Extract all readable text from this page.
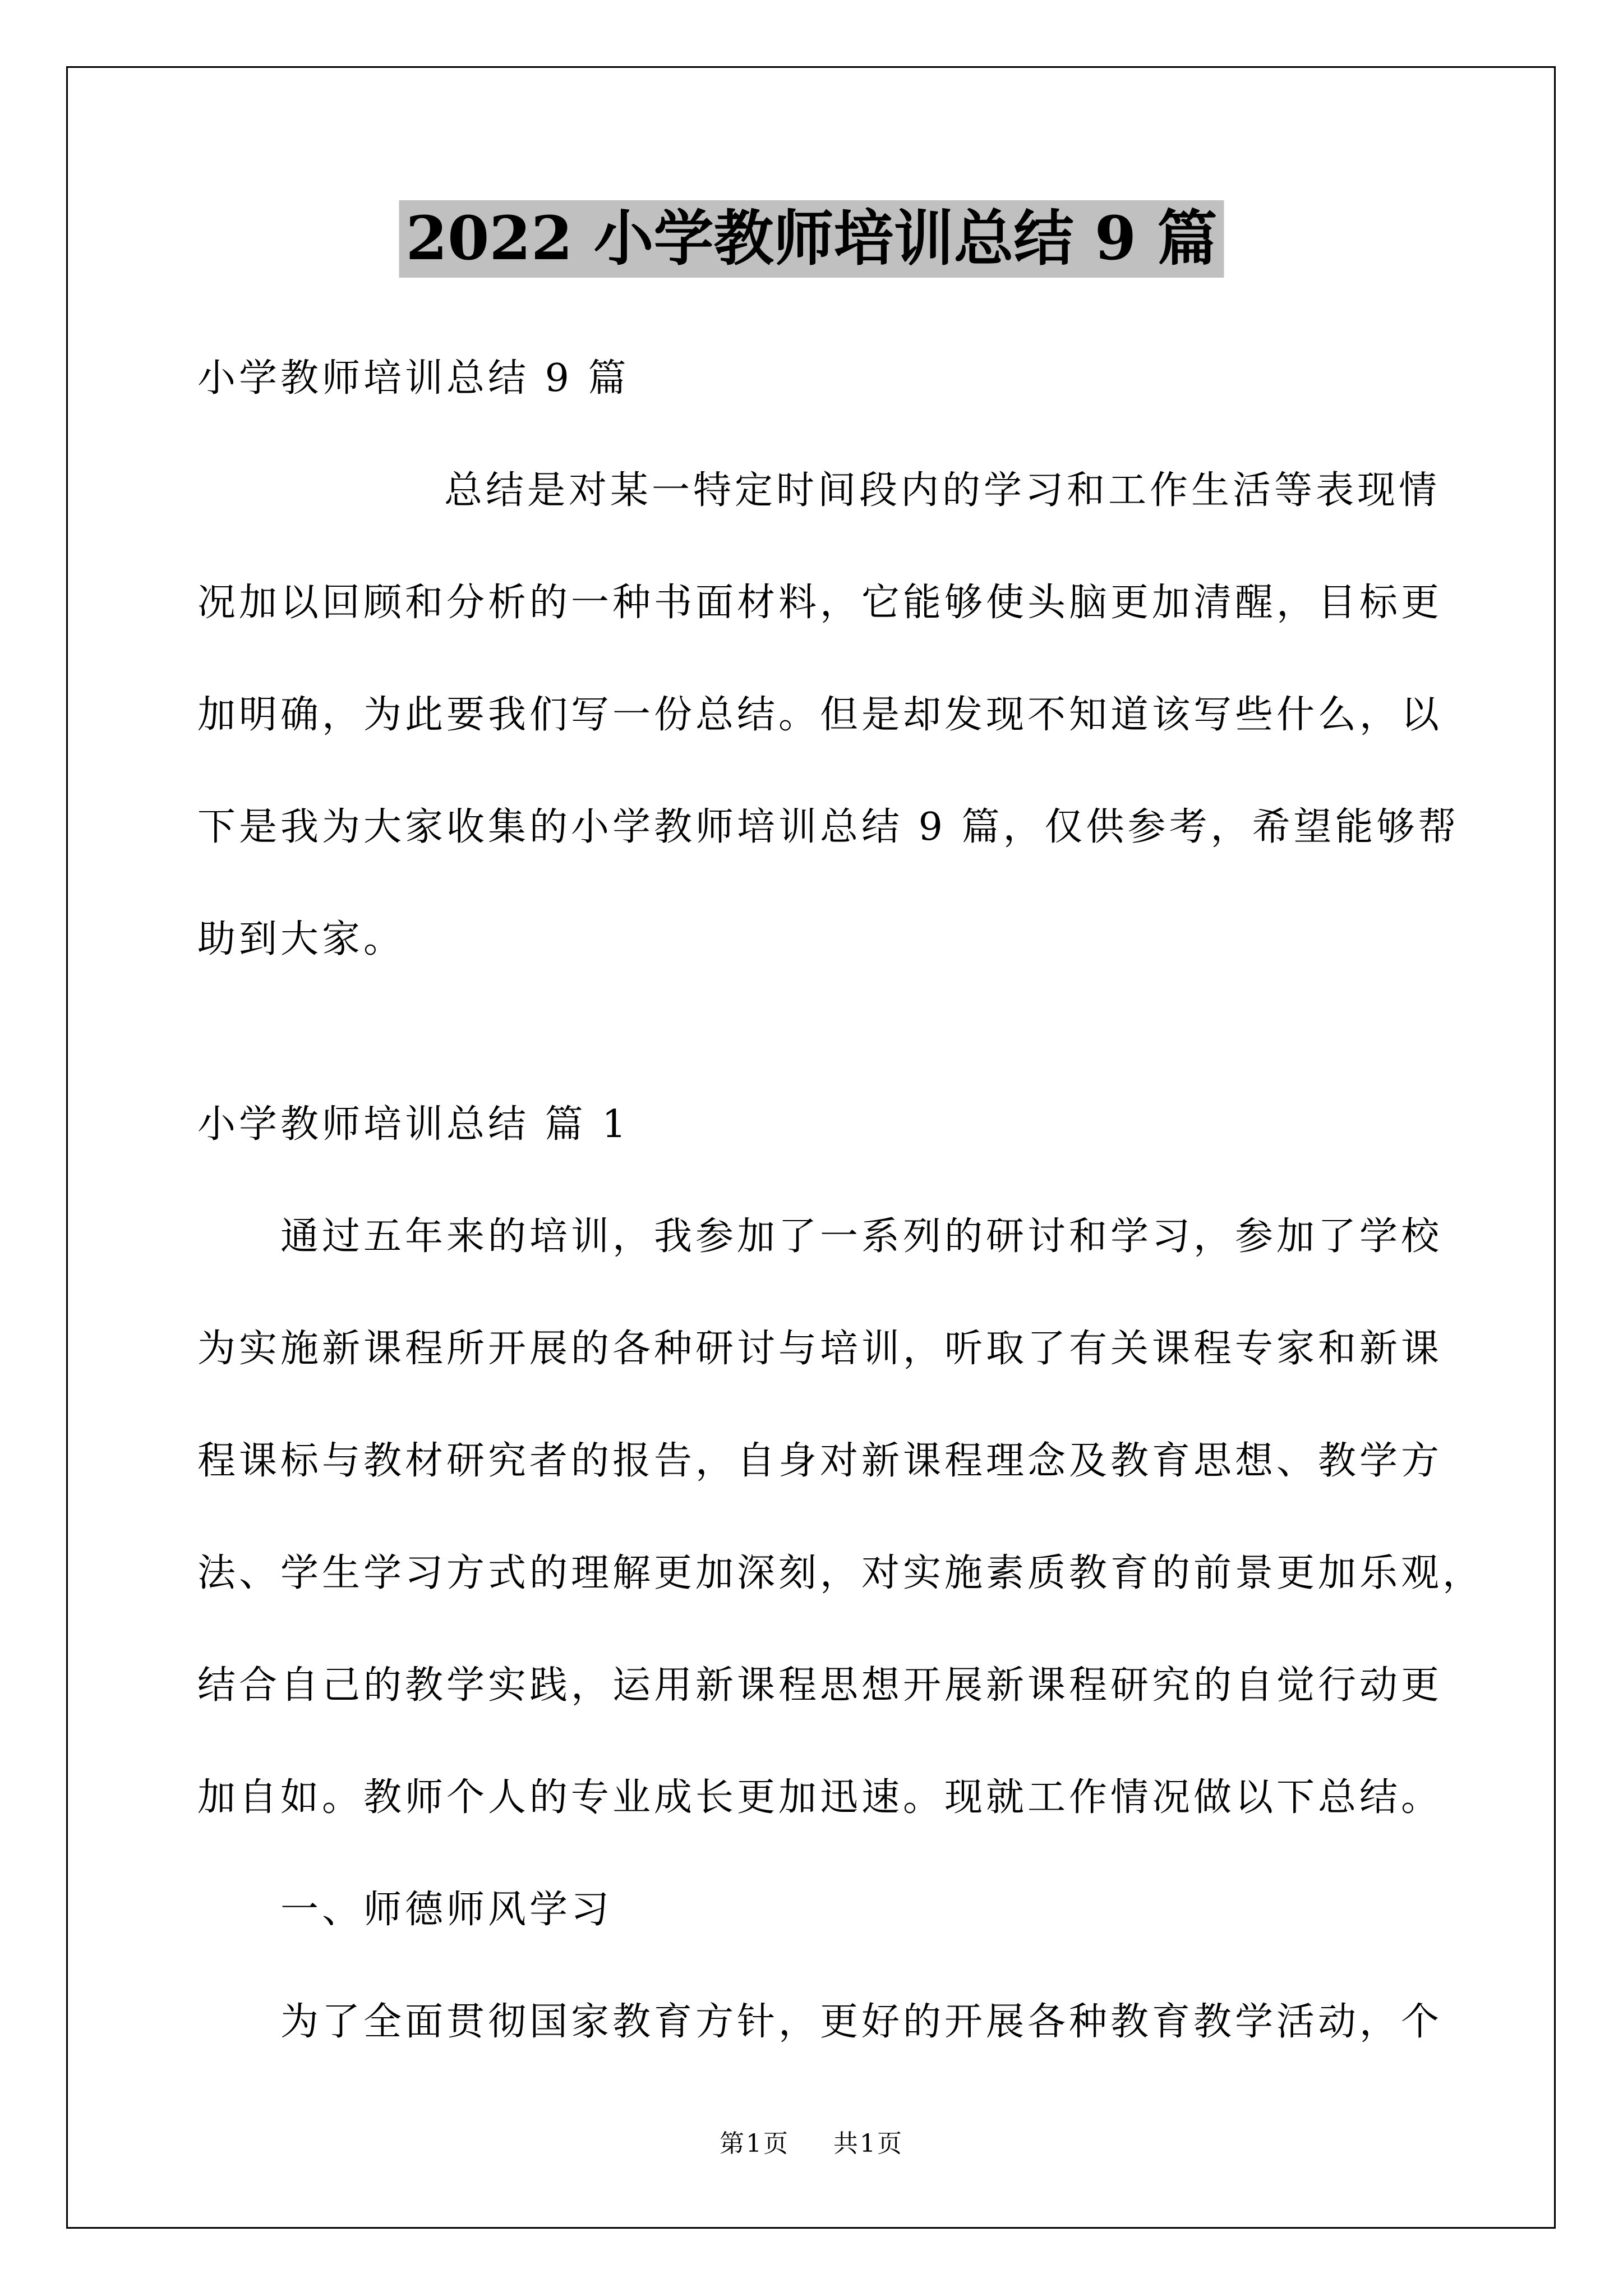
2022 小学教师培训总结 9 篇
小学教师培训总结 9 篇
总结是对某一特定时间段内的学习和工作生活等表现情
况加以回顾和分析的一种书面材料，它能够使头脑更加清醒，目标更
加明确，为此要我们写一份总结。但是却发现不知道该写些什么，以
下是我为大家收集的小学教师培训总结 9 篇，仅供参考，希望能够帮
助到大家。
小学教师培训总结 篇 1
通过五年来的培训，我参加了一系列的研讨和学习，参加了学校
为实施新课程所开展的各种研讨与培训，听取了有关课程专家和新课
程课标与教材研究者的报告，自身对新课程理念及教育思想、教学方
法、学生学习方式的理解更加深刻，对实施素质教育的前景更加乐观，
结合自己的教学实践，运用新课程思想开展新课程研究的自觉行动更
加自如。教师个人的专业成长更加迅速。现就工作情况做以下总结。
一、师德师风学习
为了全面贯彻国家教育方针，更好的开展各种教育教学活动，个
第1页 共1页
